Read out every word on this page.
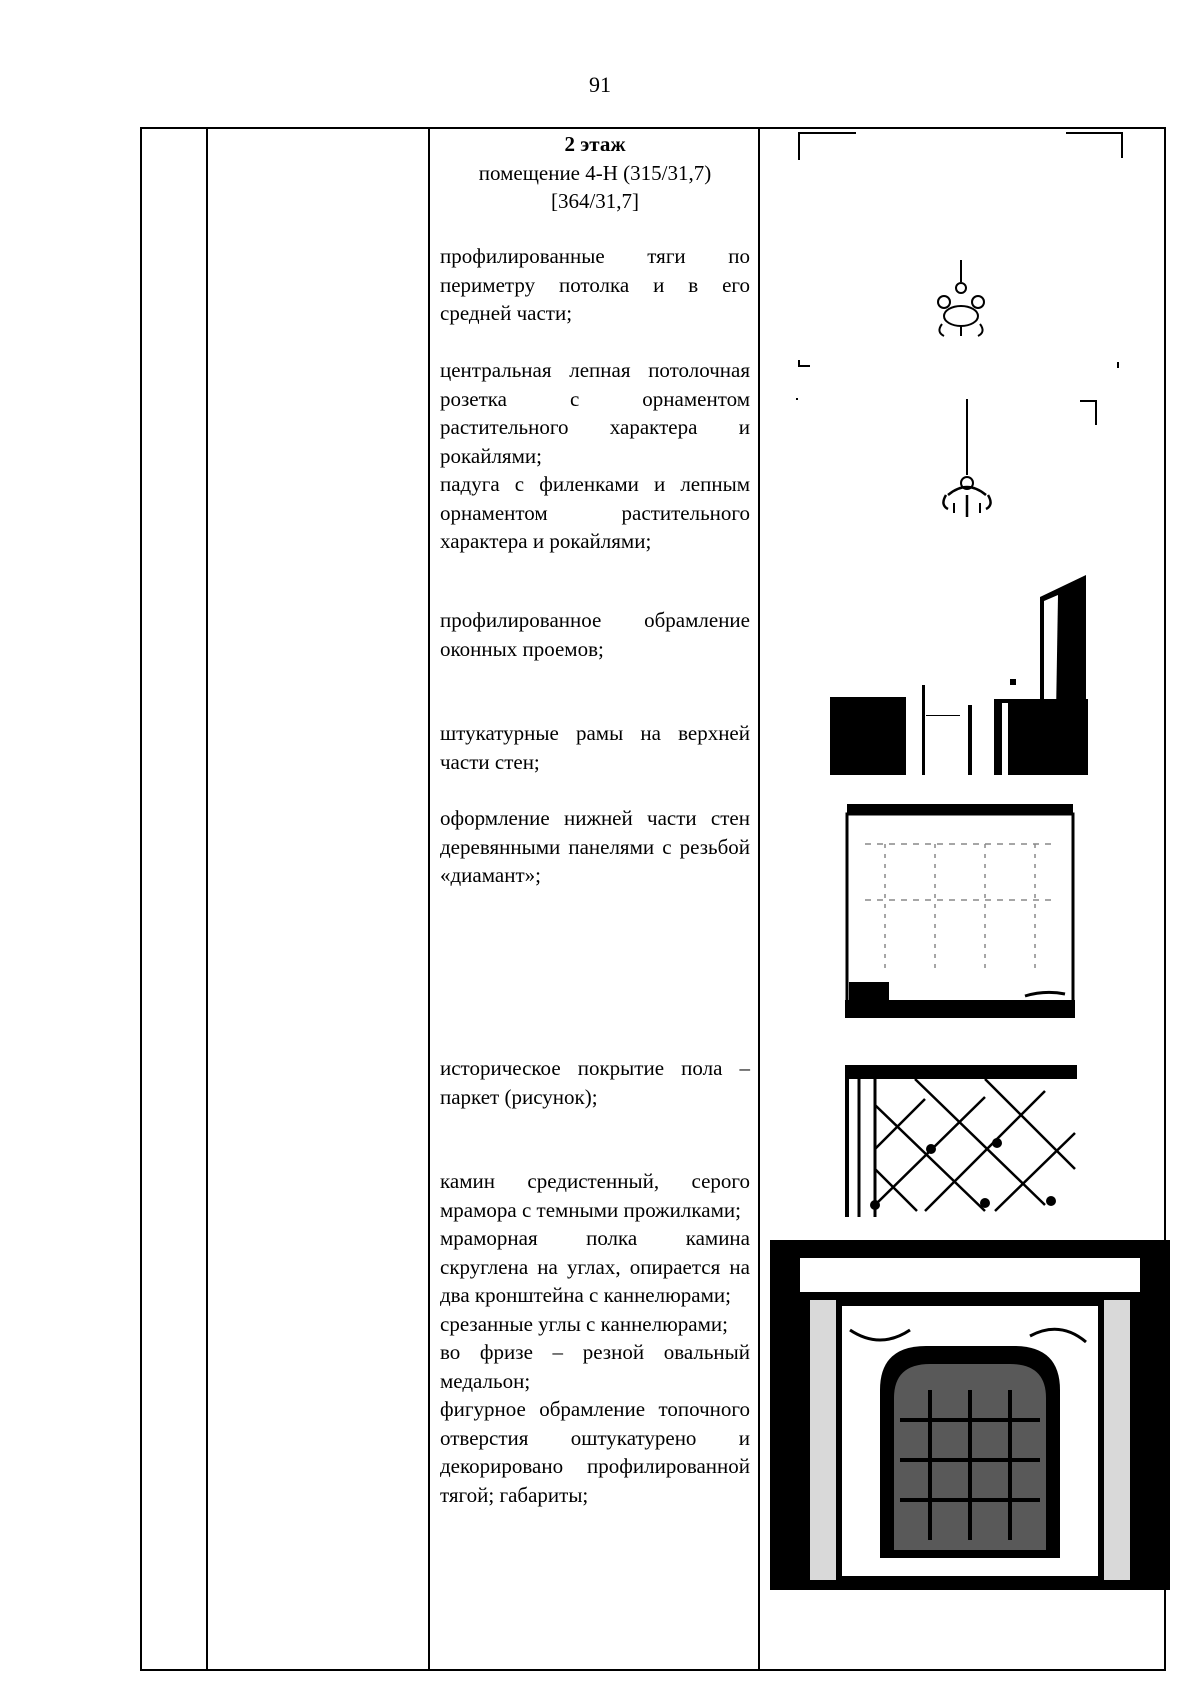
91
2 этаж
помещение 4-Н (315/31,7)
[364/31,7]

профилированные тяги по периметру потолка и в его средней части;

центральная лепная потолочная розетка с орнаментом растительного характера и рокайлями;

падуга с филенками и лепным орнаментом растительного характера и рокайлями;

профилированное обрамление оконных проемов;

штукатурные рамы на верхней части стен;

оформление нижней части стен деревянными панелями с резьбой «диамант»;

историческое покрытие пола – паркет (рисунок);

камин средистенный, серого мрамора с темными прожилками;

мраморная полка камина скруглена на углах, опирается на два кронштейна с каннелюрами;

срезанные углы с каннелюрами;

во фризе – резной овальный медальон;

фигурное обрамление топочного отверстия оштукатурено и декорировано профилированной тягой; габариты;
